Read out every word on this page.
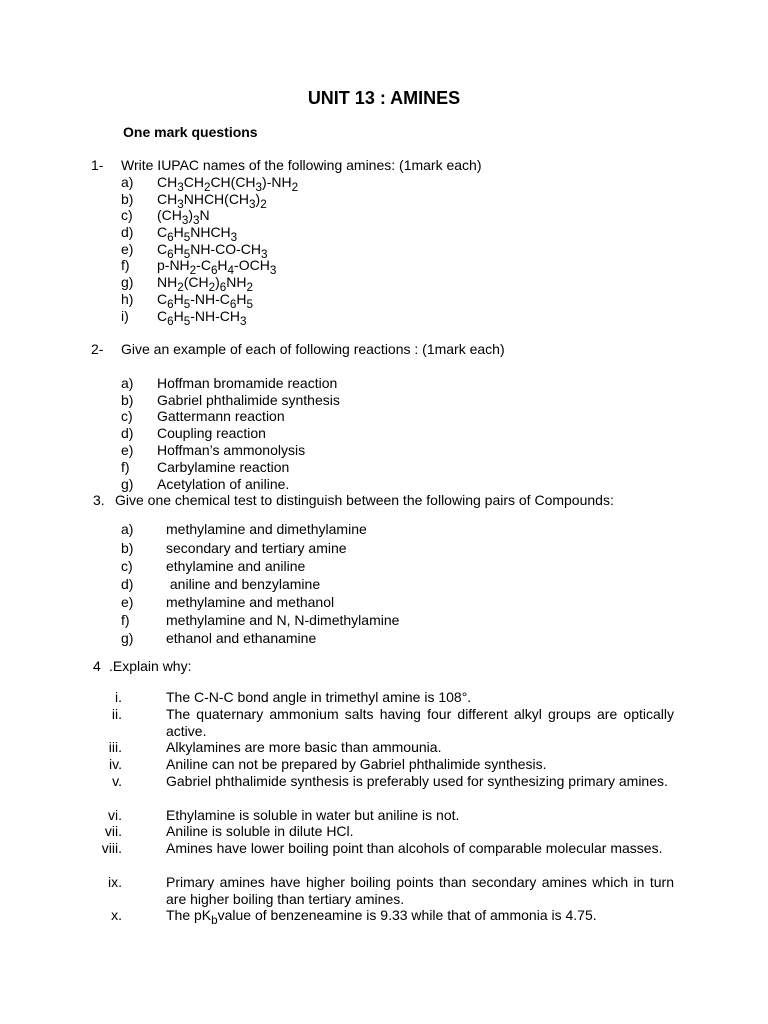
UNIT 13 : AMINES
One mark questions
1- Write IUPAC names of the following amines: (1mark each)
a) $CH_3CH_2CH(CH_3)-NH_2$
b) $CH_3NHCH(CH_3)_2$
c) $(CH_3)_3N$
d) $C_6H_5NHCH_3$
e) $C_6H_5NH-CO-CH_3$
f) $p-NH_2-C_6H_4-OCH_3$
g) $NH_2(CH_2)_6NH_2$
h) $C_6H_5-NH-C_6H_5$
i) $C_6H_5-NH-CH_3$
2- Give an example of each of following reactions : (1mark each)
a) Hoffman bromamide reaction
b) Gabriel phthalimide synthesis
c) Gattermann reaction
d) Coupling reaction
e) Hoffman’s ammonolysis
f) Carbylamine reaction
g) Acetylation of aniline.
3. Give one chemical test to distinguish between the following pairs of Compounds:
a) methylamine and dimethylamine
b) secondary and tertiary amine
c) ethylamine and aniline
d) aniline and benzylamine
e) methylamine and methanol
f)	methylamine and N, N-dimethylamine
g) ethanol and ethanamine
4 .Explain why:
i.	The C-N-C bond angle in trimethyl amine is 108°.
ii.	The quaternary ammonium salts having four different alkyl groups are optically active.
iii.	Alkylamines are more basic than ammounia.
iv.	Aniline can not be prepared by Gabriel phthalimide synthesis.
v.	Gabriel phthalimide synthesis is preferably used for synthesizing primary amines.
vi.	Ethylamine is soluble in water but aniline is not.
vii.	Aniline is soluble in dilute HCl.
viii.	Amines have lower boiling point than alcohols of comparable molecular masses.
ix.	Primary amines have higher boiling points than secondary amines which in turn are higher boiling than tertiary amines.
x.	The $pK_bvalue$ of benzeneamine is 9.33 while that of ammonia is 4.75.
